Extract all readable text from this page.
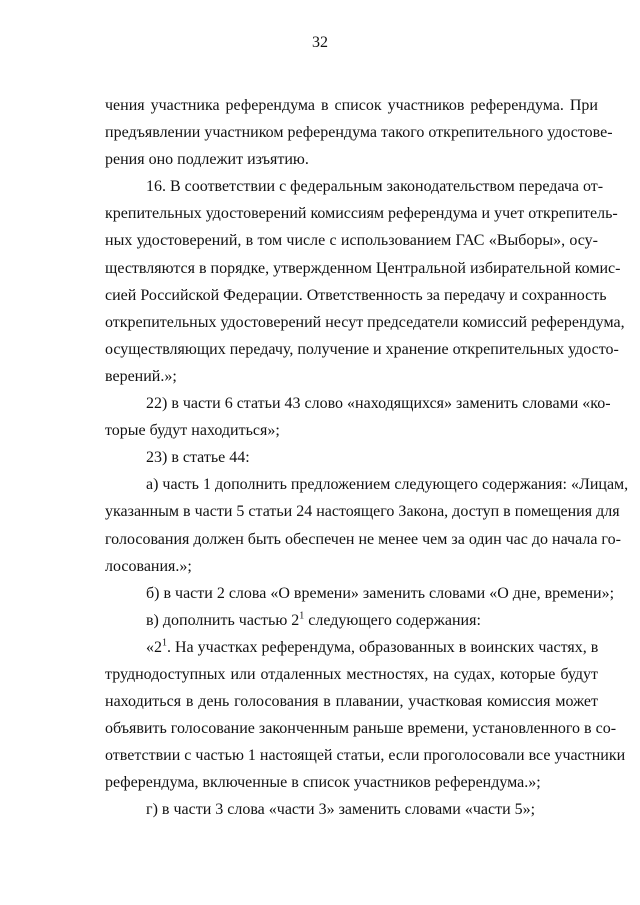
32
чения участника референдума в список участников референдума. При
предъявлении участником референдума такого открепительного удостове-
рения оно подлежит изъятию.
16. В соответствии с федеральным законодательством передача от-
крепительных удостоверений комиссиям референдума и учет открепитель-
ных удостоверений, в том числе с использованием ГАС «Выборы», осу-
ществляются в порядке, утвержденном Центральной избирательной комис-
сией Российской Федерации. Ответственность за передачу и сохранность
открепительных удостоверений несут председатели комиссий референдума,
осуществляющих передачу, получение и хранение открепительных удосто-
верений.»;
22) в части 6 статьи 43 слово «находящихся» заменить словами «ко-
торые будут находиться»;
23) в статье 44:
а) часть 1 дополнить предложением следующего содержания: «Лицам,
указанным в части 5 статьи 24 настоящего Закона, доступ в помещения для
голосования должен быть обеспечен не менее чем за один час до начала го-
лосования.»;
б) в части 2 слова «О времени» заменить словами «О дне, времени»;
в) дополнить частью $2^1$ следующего содержания:
«$2^1$. На участках референдума, образованных в воинских частях, в
труднодоступных или отдаленных местностях, на судах, которые будут
находиться в день голосования в плавании, участковая комиссия может
объявить голосование законченным раньше времени, установленного в со-
ответствии с частью 1 настоящей статьи, если проголосовали все участники
референдума, включенные в список участников референдума.»;
г) в части 3 слова «части 3» заменить словами «части 5»;
